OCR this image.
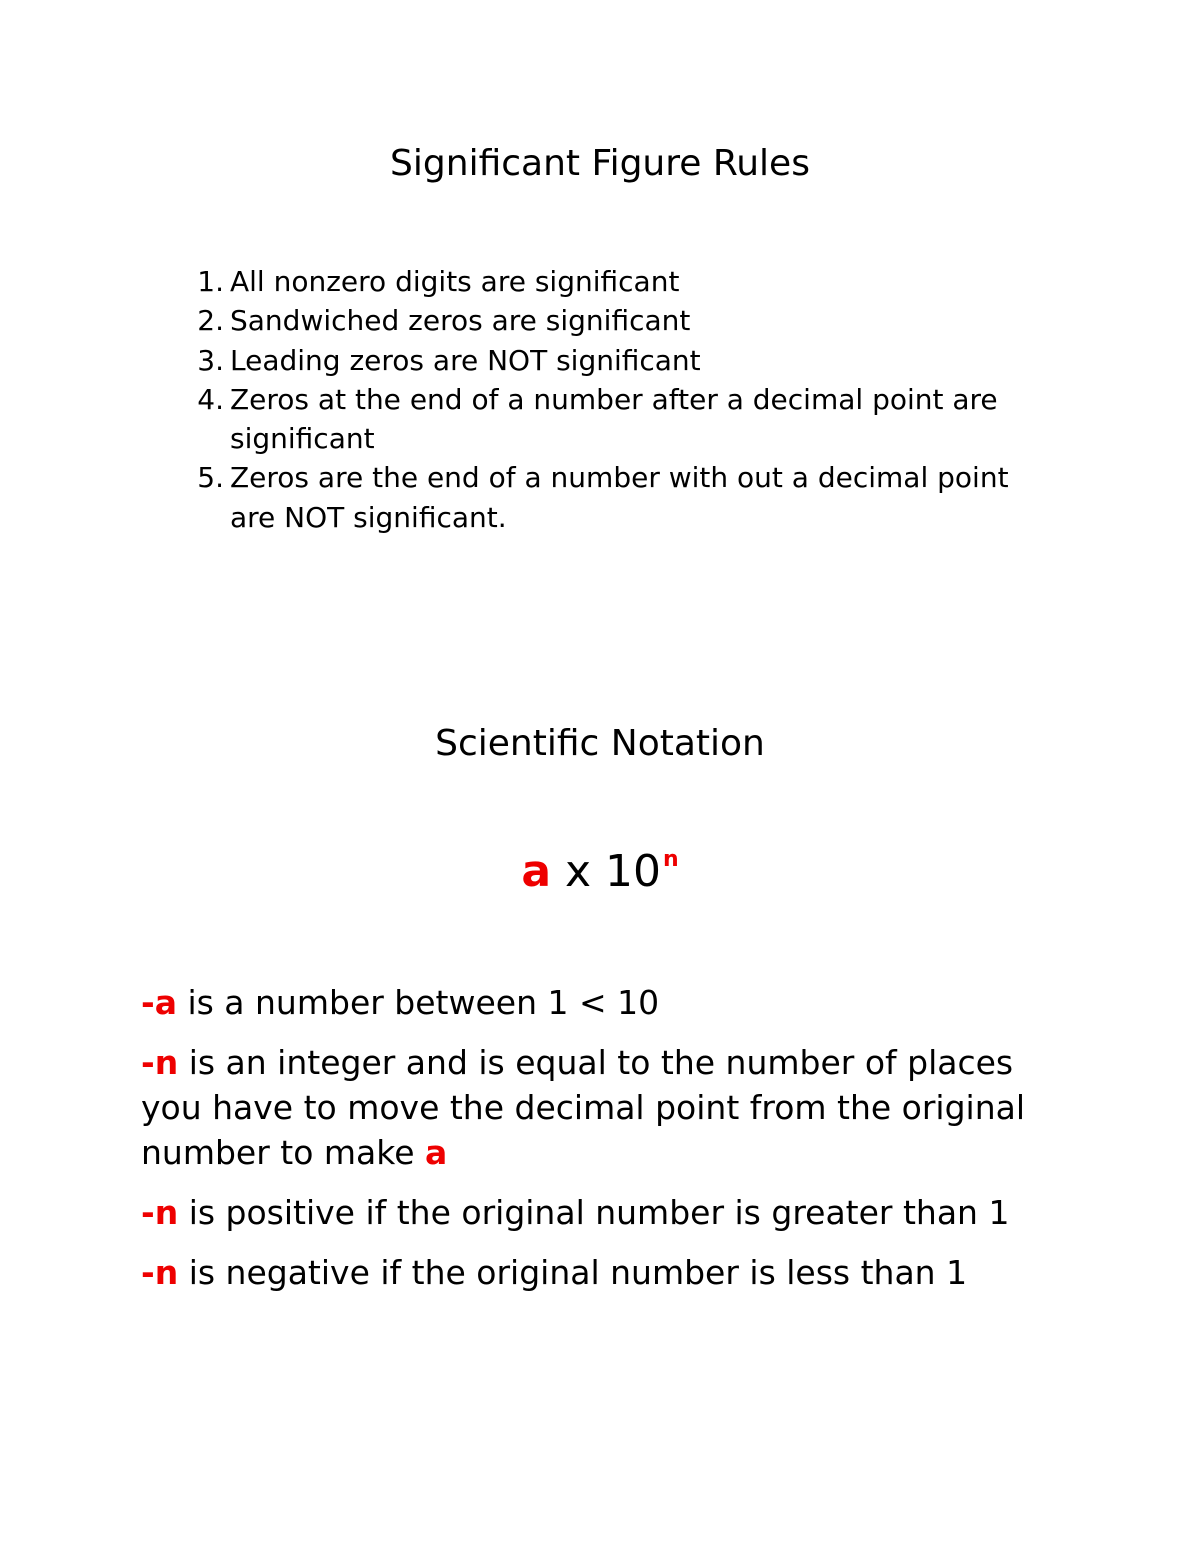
Significant Figure Rules
1. All nonzero digits are significant
2. Sandwiched zeros are significant
3. Leading zeros are NOT significant
4. Zeros at the end of a number after a decimal point are significant
5. Zeros are the end of a number with out a decimal point are NOT significant.
Scientific Notation
a x 10$^n$

-a is a number between 1 < 10

-n is an integer and is equal to the number of places you have to move the decimal point from the original number to make a

-n is positive if the original number is greater than 1

-n is negative if the original number is less than 1
